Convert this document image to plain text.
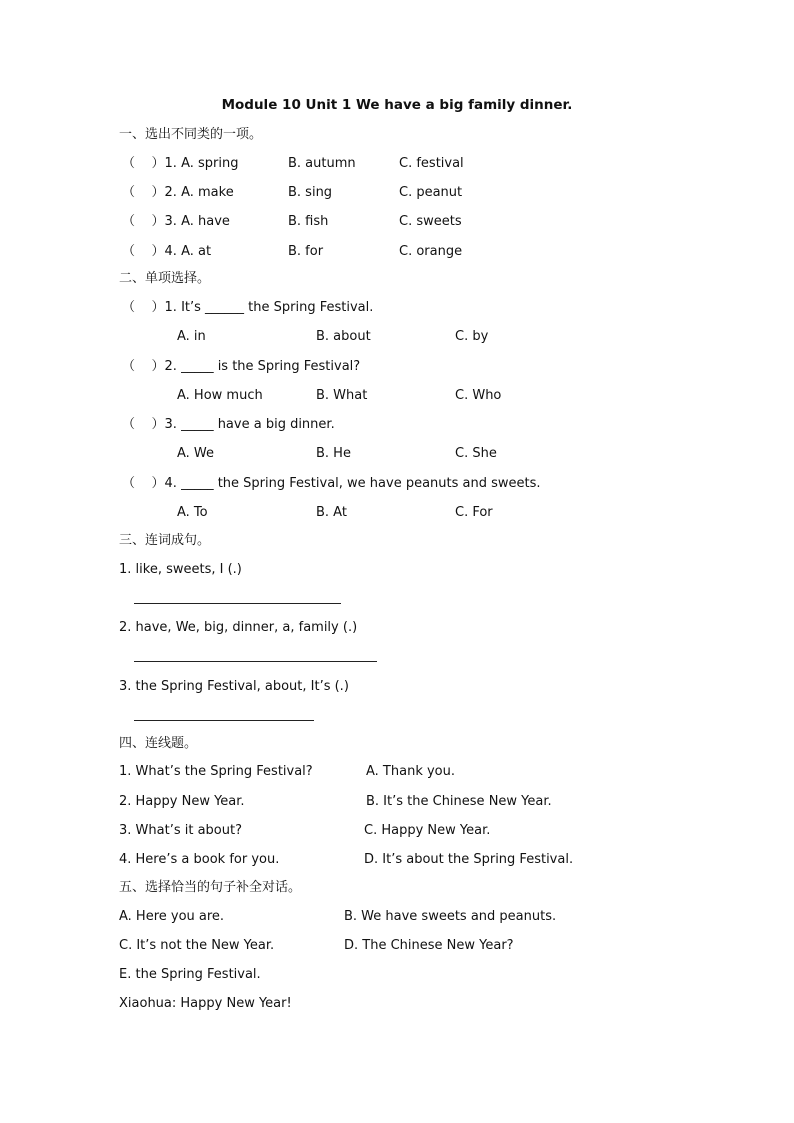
Module 10 Unit 1 We have a big family dinner.
一、选出不同类的一项。
（    ）1. A. spring	B. autumn	C. festival
（    ）2. A. make	B. sing	C. peanut
（    ）3. A. have	B. fish	C. sweets
（    ）4. A. at	B. for	C. orange
二、单项选择。
（    ）1. It’s ______ the Spring Festival.
A. in	B. about	C. by
（    ）2. _____ is the Spring Festival?
A. How much	B. What	C. Who
（    ）3. _____ have a big dinner.
A. We	B. He	C. She
（    ）4. _____ the Spring Festival, we have peanuts and sweets.
A. To	B. At	C. For
三、连词成句。
1. like, sweets, I (.)
2. have, We, big, dinner, a, family (.)
3. the Spring Festival, about, It’s (.)
四、连线题。
1. What’s the Spring Festival?	A. Thank you.
2. Happy New Year.	B. It’s the Chinese New Year.
3. What’s it about?	C. Happy New Year.
4. Here’s a book for you.	D. It’s about the Spring Festival.
五、选择恰当的句子补全对话。
A. Here you are.	B. We have sweets and peanuts.
C. It’s not the New Year.	D. The Chinese New Year?
E. the Spring Festival.
Xiaohua: Happy New Year!
